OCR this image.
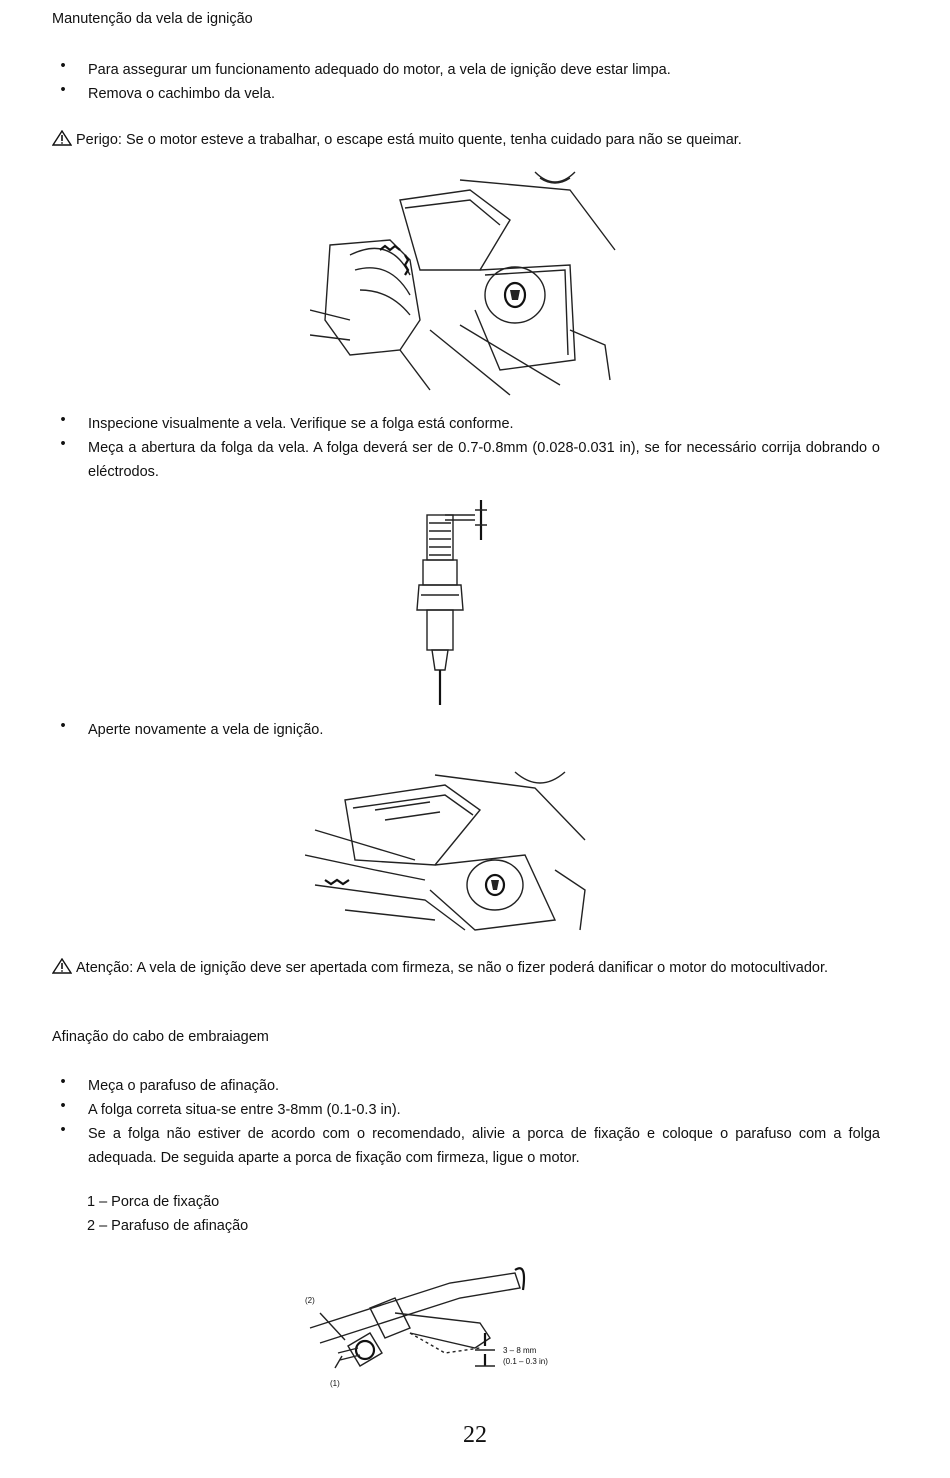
Manutenção da vela de ignição
•	Para assegurar um funcionamento adequado do motor, a vela de ignição deve estar limpa.
•	Remova o cachimbo da vela.
Perigo: Se o motor esteve a trabalhar, o escape está muito quente, tenha cuidado para não se queimar.
•	Inspecione visualmente a vela. Verifique se a folga está conforme.
•	Meça a abertura da folga da vela. A folga deverá ser de 0.7-0.8mm (0.028-0.031 in), se for necessário corrija dobrando o eléctrodos.
•	Aperte novamente a vela de ignição.
Atenção: A vela de ignição deve ser apertada com firmeza, se não o fizer poderá danificar o motor do motocultivador.
Afinação do cabo de embraiagem
•	Meça o parafuso de afinação.
•	A folga correta situa-se entre 3-8mm (0.1-0.3 in).
•	Se a folga não estiver de acordo com o recomendado, alivie a porca de fixação e coloque o parafuso com a folga adequada. De seguida aparte a porca de fixação com firmeza, ligue o motor.
1 – Porca de fixação
2 – Parafuso de afinação
(2)
(1)
3 – 8 mm
(0.1 – 0.3 in)
22
